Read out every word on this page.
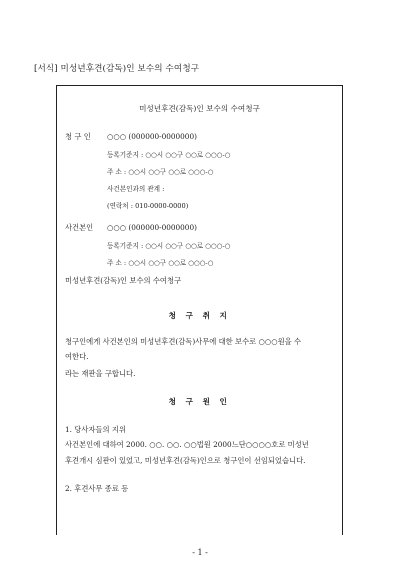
[서식] 미성년후견(감독)인 보수의 수여청구
미성년후견(감독)인 보수의 수여청구
청 구 인 ○○○ (000000-0000000)
등록기준지 : ○○시 ○○구 ○○로 ○○○-○
주 소 : ○○시 ○○구 ○○로 ○○○-○
사건본인과의 관계 :
(연락처 : 010-0000-0000)
사건본인 ○○○ (000000-0000000)
등록기준지 : ○○시 ○○구 ○○로 ○○○-○
주 소 : ○○시 ○○구 ○○로 ○○○-○
미성년후견(감독)인 보수의 수여청구
청 구 취 지
청구인에게 사건본인의 미성년후견(감독)사무에 대한 보수로 ○○○원을 수
여한다.
라는 재판을 구합니다.
청 구 원 인
1. 당사자들의 지위
사건본인에 대하여 2000. ○○. ○○. ○○법원 2000느단○○○○호로 미성년
후견개시 심판이 있었고, 미성년후견(감독)인으로 청구인이 선임되었습니다.
2. 후견사무 종료 등
- 1 -
